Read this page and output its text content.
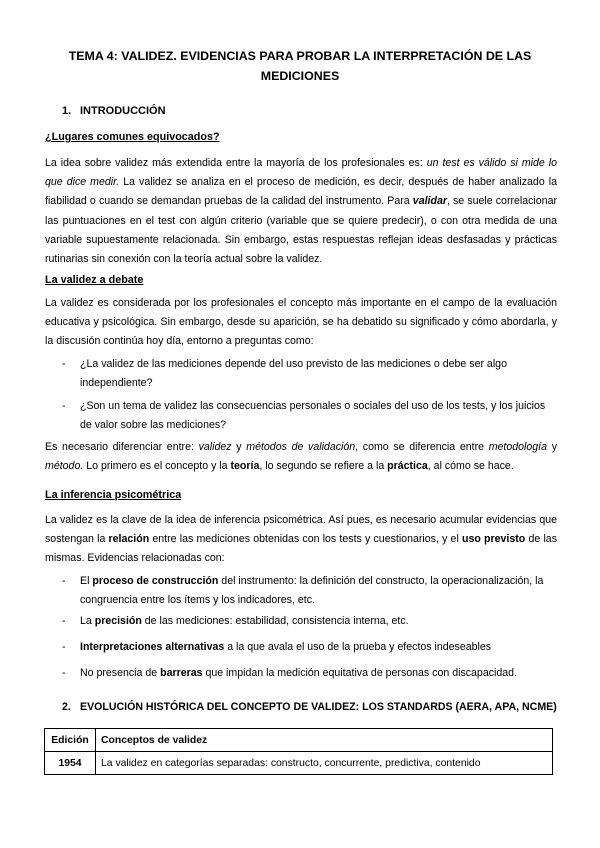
TEMA 4: VALIDEZ. EVIDENCIAS PARA PROBAR LA INTERPRETACIÓN DE LAS
MEDICIONES
1. INTRODUCCIÓN
¿Lugares comunes equivocados?
La idea sobre validez más extendida entre la mayoría de los profesionales es: un test es válido si mide lo que dice medir. La validez se analiza en el proceso de medición, es decir, después de haber analizado la fiabilidad o cuando se demandan pruebas de la calidad del instrumento. Para validar, se suele correlacionar las puntuaciones en el test con algún criterio (variable que se quiere predecir), o con otra medida de una variable supuestamente relacionada. Sin embargo, estas respuestas reflejan ideas desfasadas y prácticas rutinarias sin conexión con la teoría actual sobre la validez.
La validez a debate
La validez es considerada por los profesionales el concepto más importante en el campo de la evaluación educativa y psicológica. Sin embargo, desde su aparición, se ha debatido su significado y cómo abordarla, y la discusión continúa hoy día, entorno a preguntas como:
- ¿La validez de las mediciones depende del uso previsto de las mediciones o debe ser algo independiente?
- ¿Son un tema de validez las consecuencias personales o sociales del uso de los tests, y los juicios de valor sobre las mediciones?
Es necesario diferenciar entre: validez y métodos de validación, como se diferencia entre metodología y método. Lo primero es el concepto y la teoría, lo segundo se refiere a la práctica, al cómo se hace.
La inferencia psicométrica
La validez es la clave de la idea de inferencia psicométrica. Así pues, es necesario acumular evidencias que sostengan la relación entre las mediciones obtenidas con los tests y cuestionarios, y el uso previsto de las mismas. Evidencias relacionadas con:
- El proceso de construcción del instrumento: la definición del constructo, la operacionalización, la congruencia entre los ítems y los indicadores, etc.
- La precisión de las mediciones: estabilidad, consistencia interna, etc.
- Interpretaciones alternativas a la que avala el uso de la prueba y efectos indeseables
- No presencia de barreras que impidan la medición equitativa de personas con discapacidad.
2. EVOLUCIÓN HISTÓRICA DEL CONCEPTO DE VALIDEZ: LOS STANDARDS (AERA, APA, NCME)
Edición	Conceptos de validez
1954	La validez en categorías separadas: constructo, concurrente, predictiva, contenido
